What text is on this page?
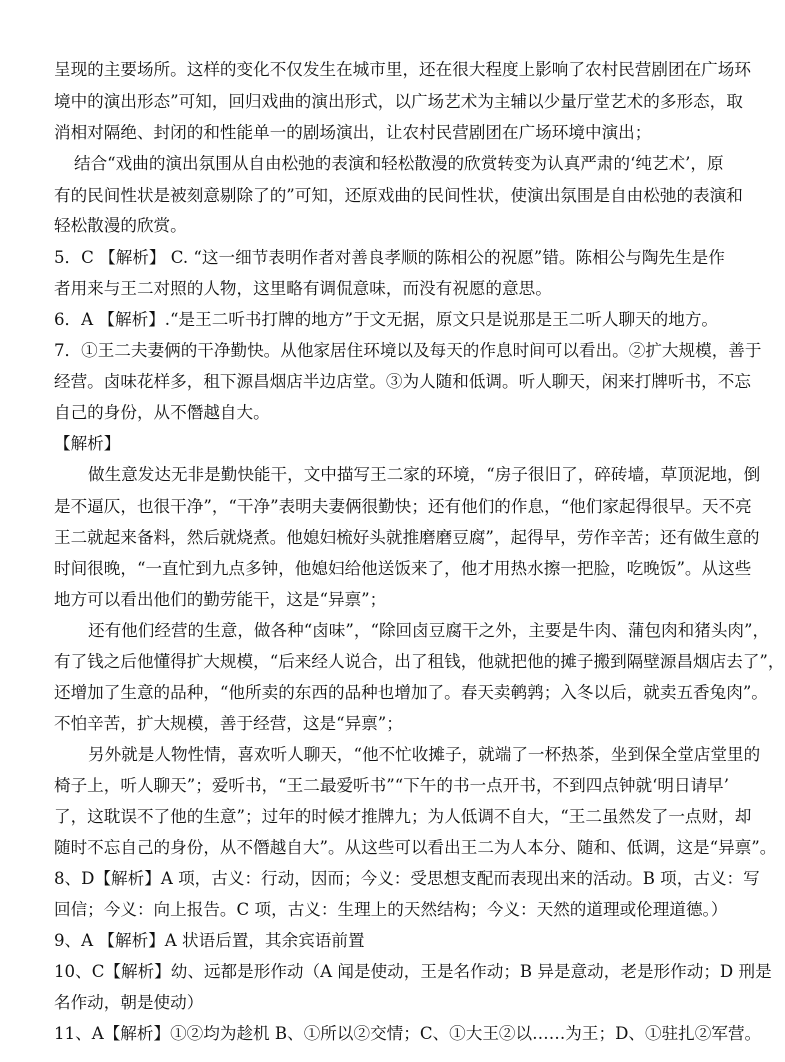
呈现的主要场所。这样的变化不仅发生在城市里，还在很大程度上影响了农村民营剧团在广场环
境中的演出形态”可知，回归戏曲的演出形式，以广场艺术为主辅以少量厅堂艺术的多形态，取
消相对隔绝、封闭的和性能单一的剧场演出，让农村民营剧团在广场环境中演出；
结合“戏曲的演出氛围从自由松弛的表演和轻松散漫的欣赏转变为认真严肃的‘纯艺术’，原
有的民间性状是被刻意剔除了的”可知，还原戏曲的民间性状，使演出氛围是自由松弛的表演和
轻松散漫的欣赏。
5．C 【解析】 C. “这一细节表明作者对善良孝顺的陈相公的祝愿”错。陈相公与陶先生是作
者用来与王二对照的人物，这里略有调侃意味，而没有祝愿的意思。
6．A 【解析】.“是王二听书打牌的地方”于文无据，原文只是说那是王二听人聊天的地方。
7．①王二夫妻俩的干净勤快。从他家居住环境以及每天的作息时间可以看出。②扩大规模，善于
经营。卤味花样多，租下源昌烟店半边店堂。③为人随和低调。听人聊天，闲来打牌听书，不忘
自己的身份，从不僭越自大。
【解析】
做生意发达无非是勤快能干，文中描写王二家的环境，“房子很旧了，碎砖墙，草顶泥地，倒
是不逼仄，也很干净”，“干净”表明夫妻俩很勤快；还有他们的作息，“他们家起得很早。天不亮
王二就起来备料，然后就烧煮。他媳妇梳好头就推磨磨豆腐”，起得早，劳作辛苦；还有做生意的
时间很晚，“一直忙到九点多钟，他媳妇给他送饭来了，他才用热水擦一把脸，吃晚饭”。从这些
地方可以看出他们的勤劳能干，这是“异禀”；
还有他们经营的生意，做各种“卤味”，“除回卤豆腐干之外，主要是牛肉、蒲包肉和猪头肉”，
有了钱之后他懂得扩大规模，“后来经人说合，出了租钱，他就把他的摊子搬到隔壁源昌烟店去了”，
还增加了生意的品种，“他所卖的东西的品种也增加了。春天卖鹌鹑；入冬以后，就卖五香兔肉”。
不怕辛苦，扩大规模，善于经营，这是“异禀”；
另外就是人物性情，喜欢听人聊天，“他不忙收摊子，就端了一杯热茶，坐到保全堂店堂里的
椅子上，听人聊天”；爱听书，“王二最爱听书”“下午的书一点开书，不到四点钟就‘明日请早’
了，这耽误不了他的生意”；过年的时候才推牌九；为人低调不自大，“王二虽然发了一点财，却
随时不忘自己的身份，从不僭越自大”。从这些可以看出王二为人本分、随和、低调，这是“异禀”。
8、D【解析】A 项，古义：行动，因而；今义：受思想支配而表现出来的活动。B 项，古义：写
回信；今义：向上报告。C 项，古义：生理上的天然结构；今义：天然的道理或伦理道德。）
9、A 【解析】A 状语后置，其余宾语前置
10、C【解析】幼、远都是形作动（A 闻是使动，王是名作动；B 异是意动，老是形作动；D 刑是
名作动，朝是使动）
11、A【解析】①②均为趁机 B、①所以②交情；C、①大王②以……为王；D、①驻扎②军营。
